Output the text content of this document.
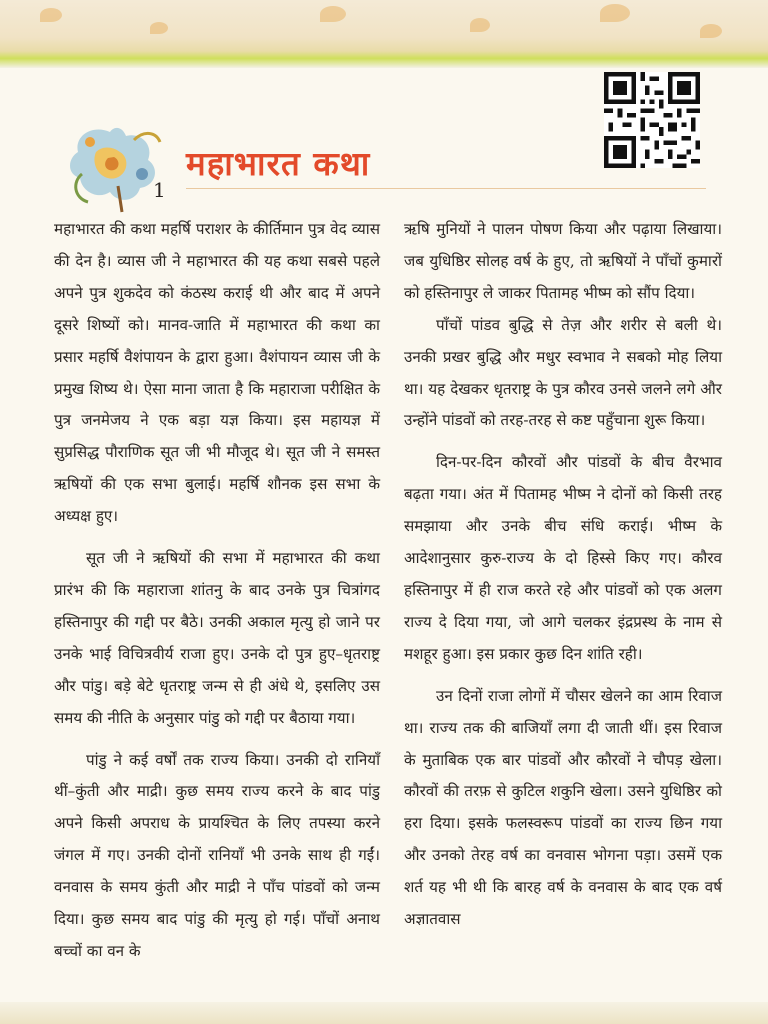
1
महाभारत कथा

महाभारत की कथा महर्षि पराशर के कीर्तिमान पुत्र वेद व्यास की देन है। व्यास जी ने महाभारत की यह कथा सबसे पहले अपने पुत्र शुकदेव को कंठस्थ कराई थी और बाद में अपने दूसरे शिष्यों को। मानव-जाति में महाभारत की कथा का प्रसार महर्षि वैशंपायन के द्वारा हुआ। वैशंपायन व्यास जी के प्रमुख शिष्य थे। ऐसा माना जाता है कि महाराजा परीक्षित के पुत्र जनमेजय ने एक बड़ा यज्ञ किया। इस महायज्ञ में सुप्रसिद्ध पौराणिक सूत जी भी मौजूद थे। सूत जी ने समस्त ऋषियों की एक सभा बुलाई। महर्षि शौनक इस सभा के अध्यक्ष हुए।

सूत जी ने ऋषियों की सभा में महाभारत की कथा प्रारंभ की कि महाराजा शांतनु के बाद उनके पुत्र चित्रांगद हस्तिनापुर की गद्दी पर बैठे। उनकी अकाल मृत्यु हो जाने पर उनके भाई विचित्रवीर्य राजा हुए। उनके दो पुत्र हुए–धृतराष्ट्र और पांडु। बड़े बेटे धृतराष्ट्र जन्म से ही अंधे थे, इसलिए उस समय की नीति के अनुसार पांडु को गद्दी पर बैठाया गया।

पांडु ने कई वर्षों तक राज्य किया। उनकी दो रानियाँ थीं–कुंती और माद्री। कुछ समय राज्य करने के बाद पांडु अपने किसी अपराध के प्रायश्चित के लिए तपस्या करने जंगल में गए। उनकी दोनों रानियाँ भी उनके साथ ही गईं। वनवास के समय कुंती और माद्री ने पाँच पांडवों को जन्म दिया। कुछ समय बाद पांडु की मृत्यु हो गई। पाँचों अनाथ बच्चों का वन के

ऋषि मुनियों ने पालन पोषण किया और पढ़ाया लिखाया। जब युधिष्ठिर सोलह वर्ष के हुए, तो ऋषियों ने पाँचों कुमारों को हस्तिनापुर ले जाकर पितामह भीष्म को सौंप दिया।

पाँचों पांडव बुद्धि से तेज़ और शरीर से बली थे। उनकी प्रखर बुद्धि और मधुर स्वभाव ने सबको मोह लिया था। यह देखकर धृतराष्ट्र के पुत्र कौरव उनसे जलने लगे और उन्होंने पांडवों को तरह-तरह से कष्ट पहुँचाना शुरू किया।

दिन-पर-दिन कौरवों और पांडवों के बीच वैरभाव बढ़ता गया। अंत में पितामह भीष्म ने दोनों को किसी तरह समझाया और उनके बीच संधि कराई। भीष्म के आदेशानुसार कुरु-राज्य के दो हिस्से किए गए। कौरव हस्तिनापुर में ही राज करते रहे और पांडवों को एक अलग राज्य दे दिया गया, जो आगे चलकर इंद्रप्रस्थ के नाम से मशहूर हुआ। इस प्रकार कुछ दिन शांति रही।

उन दिनों राजा लोगों में चौसर खेलने का आम रिवाज था। राज्य तक की बाजियाँ लगा दी जाती थीं। इस रिवाज के मुताबिक एक बार पांडवों और कौरवों ने चौपड़ खेला। कौरवों की तरफ़ से कुटिल शकुनि खेला। उसने युधिष्ठिर को हरा दिया। इसके फलस्वरूप पांडवों का राज्य छिन गया और उनको तेरह वर्ष का वनवास भोगना पड़ा। उसमें एक शर्त यह भी थी कि बारह वर्ष के वनवास के बाद एक वर्ष अज्ञातवास
